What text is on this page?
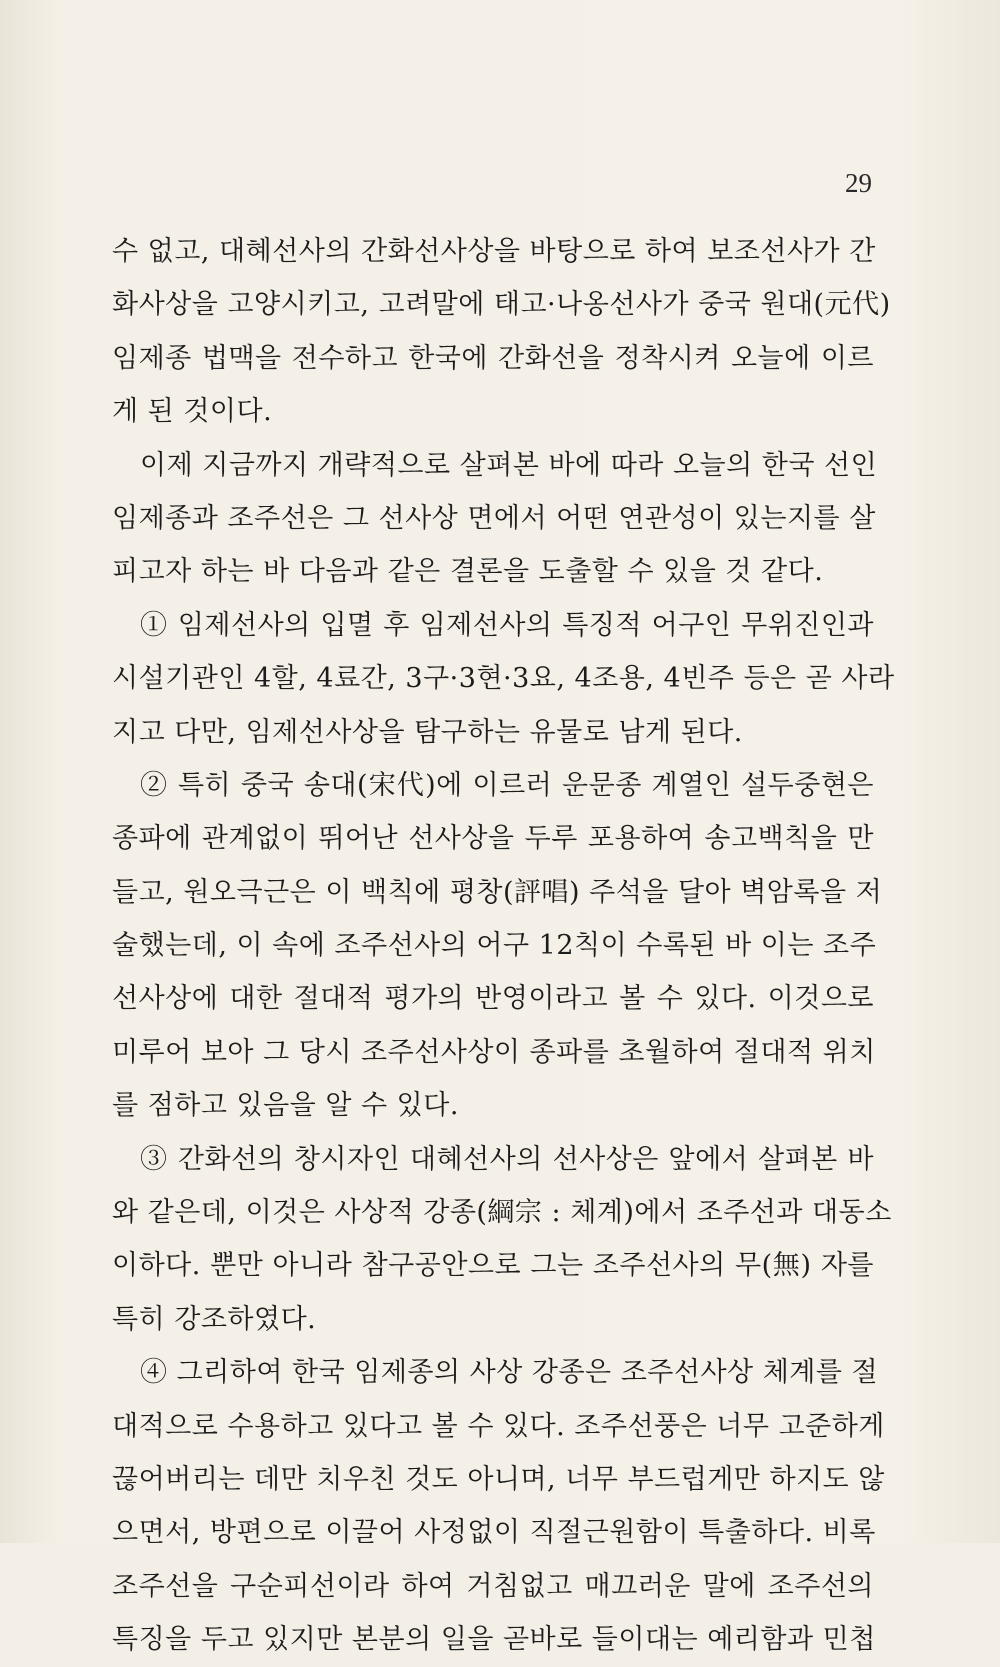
29
수 없고, 대혜선사의 간화선사상을 바탕으로 하여 보조선사가 간
화사상을 고양시키고, 고려말에 태고·나옹선사가 중국 원대(元代)
임제종 법맥을 전수하고 한국에 간화선을 정착시켜 오늘에 이르
게 된 것이다.
이제 지금까지 개략적으로 살펴본 바에 따라 오늘의 한국 선인
임제종과 조주선은 그 선사상 면에서 어떤 연관성이 있는지를 살
피고자 하는 바 다음과 같은 결론을 도출할 수 있을 것 같다.
① 임제선사의 입멸 후 임제선사의 특징적 어구인 무위진인과
시설기관인 4할, 4료간, 3구·3현·3요, 4조용, 4빈주 등은 곧 사라
지고 다만, 임제선사상을 탐구하는 유물로 남게 된다.
② 특히 중국 송대(宋代)에 이르러 운문종 계열인 설두중현은
종파에 관계없이 뛰어난 선사상을 두루 포용하여 송고백칙을 만
들고, 원오극근은 이 백칙에 평창(評唱) 주석을 달아 벽암록을 저
술했는데, 이 속에 조주선사의 어구 12칙이 수록된 바 이는 조주
선사상에 대한 절대적 평가의 반영이라고 볼 수 있다. 이것으로
미루어 보아 그 당시 조주선사상이 종파를 초월하여 절대적 위치
를 점하고 있음을 알 수 있다.
③ 간화선의 창시자인 대혜선사의 선사상은 앞에서 살펴본 바
와 같은데, 이것은 사상적 강종(綱宗 : 체계)에서 조주선과 대동소
이하다. 뿐만 아니라 참구공안으로 그는 조주선사의 무(無) 자를
특히 강조하였다.
④ 그리하여 한국 임제종의 사상 강종은 조주선사상 체계를 절
대적으로 수용하고 있다고 볼 수 있다. 조주선풍은 너무 고준하게
끊어버리는 데만 치우친 것도 아니며, 너무 부드럽게만 하지도 않
으면서, 방편으로 이끌어 사정없이 직절근원함이 특출하다. 비록
조주선을 구순피선이라 하여 거침없고 매끄러운 말에 조주선의
특징을 두고 있지만 본분의 일을 곧바로 들이대는 예리함과 민첩
